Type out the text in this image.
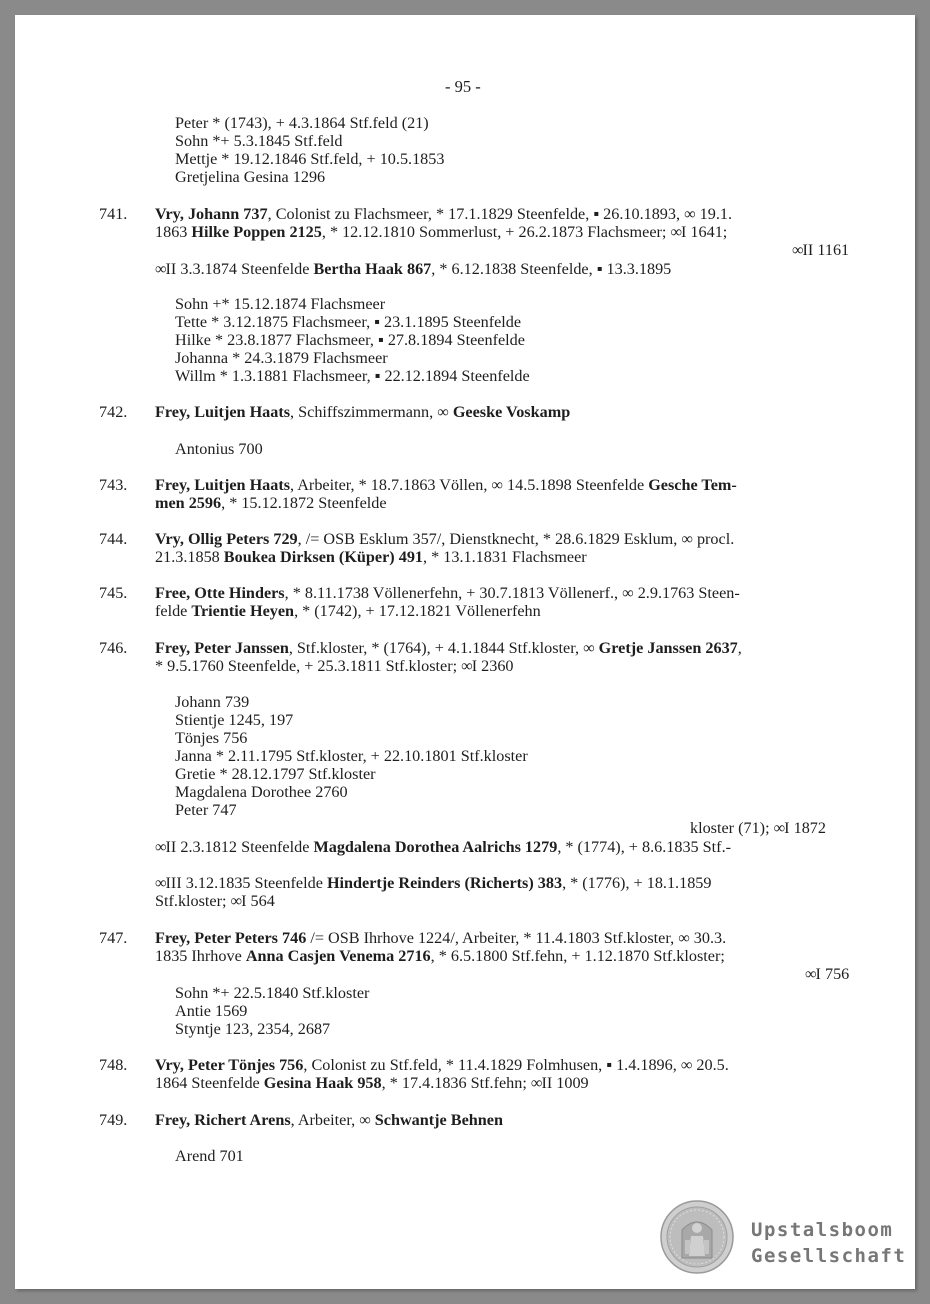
- 95 -
Peter * (1743), + 4.3.1864 Stf.feld (21)
Sohn *+ 5.3.1845 Stf.feld
Mettje * 19.12.1846 Stf.feld, + 10.5.1853
Gretjelina Gesina 1296
741. Vry, Johann 737, Colonist zu Flachsmeer, * 17.1.1829 Steenfelde, ▪ 26.10.1893, ∞ 19.1.
1863 Hilke Poppen 2125, * 12.12.1810 Sommerlust, + 26.2.1873 Flachsmeer; ∞I 1641;
∞II 1161
∞II 3.3.1874 Steenfelde Bertha Haak 867, * 6.12.1838 Steenfelde, ▪ 13.3.1895
Sohn +* 15.12.1874 Flachsmeer
Tette * 3.12.1875 Flachsmeer, ▪ 23.1.1895 Steenfelde
Hilke * 23.8.1877 Flachsmeer, ▪ 27.8.1894 Steenfelde
Johanna * 24.3.1879 Flachsmeer
Willm * 1.3.1881 Flachsmeer, ▪ 22.12.1894 Steenfelde
742. Frey, Luitjen Haats, Schiffszimmermann, ∞ Geeske Voskamp
Antonius 700
743. Frey, Luitjen Haats, Arbeiter, * 18.7.1863 Völlen, ∞ 14.5.1898 Steenfelde Gesche Tem-
men 2596, * 15.12.1872 Steenfelde
744. Vry, Ollig Peters 729, /= OSB Esklum 357/, Dienstknecht, * 28.6.1829 Esklum, ∞ procl.
21.3.1858 Boukea Dirksen (Küper) 491, * 13.1.1831 Flachsmeer
745. Free, Otte Hinders, * 8.11.1738 Völlenerfehn, + 30.7.1813 Völlenerf., ∞ 2.9.1763 Steen-
felde Trientie Heyen, * (1742), + 17.12.1821 Völlenerfehn
746. Frey, Peter Janssen, Stf.kloster, * (1764), + 4.1.1844 Stf.kloster, ∞ Gretje Janssen 2637,
* 9.5.1760 Steenfelde, + 25.3.1811 Stf.kloster; ∞I 2360
Johann 739
Stientje 1245, 197
Tönjes 756
Janna * 2.11.1795 Stf.kloster, + 22.10.1801 Stf.kloster
Gretie * 28.12.1797 Stf.kloster
Magdalena Dorothee 2760
Peter 747
kloster (71); ∞I 1872
∞II 2.3.1812 Steenfelde Magdalena Dorothea Aalrichs 1279, * (1774), + 8.6.1835 Stf.-
∞III 3.12.1835 Steenfelde Hindertje Reinders (Richerts) 383, * (1776), + 18.1.1859
Stf.kloster; ∞I 564
747. Frey, Peter Peters 746 /= OSB Ihrhove 1224/, Arbeiter, * 11.4.1803 Stf.kloster, ∞ 30.3.
1835 Ihrhove Anna Casjen Venema 2716, * 6.5.1800 Stf.fehn, + 1.12.1870 Stf.kloster;
∞I 756
Sohn *+ 22.5.1840 Stf.kloster
Antie 1569
Styntje 123, 2354, 2687
748. Vry, Peter Tönjes 756, Colonist zu Stf.feld, * 11.4.1829 Folmhusen, ▪ 1.4.1896, ∞ 20.5.
1864 Steenfelde Gesina Haak 958, * 17.4.1836 Stf.fehn; ∞II 1009
749. Frey, Richert Arens, Arbeiter, ∞ Schwantje Behnen
Arend 701
Upstalsboom
Gesellschaft
